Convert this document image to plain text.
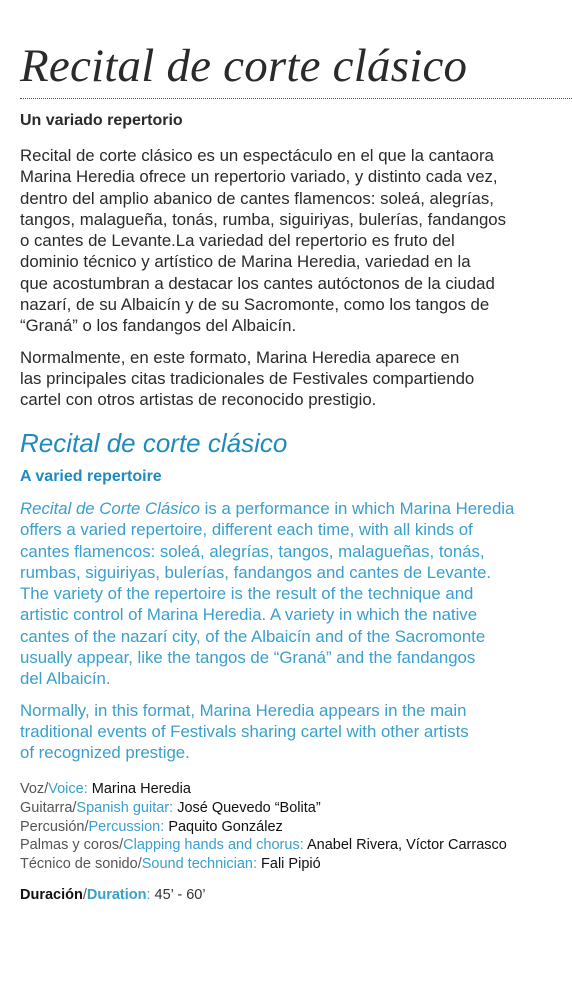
Recital de corte clásico
Un variado repertorio

Recital de corte clásico es un espectáculo en el que la cantaora
Marina Heredia ofrece un repertorio variado, y distinto cada vez,
dentro del amplio abanico de cantes flamencos: soleá, alegrías,
tangos, malagueña, tonás, rumba, siguiriyas, bulerías, fandangos
o cantes de Levante.La variedad del repertorio es fruto del
dominio técnico y artístico de Marina Heredia, variedad en la
que acostumbran a destacar los cantes autóctonos de la ciudad
nazarí, de su Albaicín y de su Sacromonte, como los tangos de
“Graná” o los fandangos del Albaicín.

Normalmente, en este formato, Marina Heredia aparece en
las principales citas tradicionales de Festivales compartiendo
cartel con otros artistas de reconocido prestigio.

Recital de corte clásico
A varied repertoire

Recital de Corte Clásico is a performance in which Marina Heredia
offers a varied repertoire, different each time, with all kinds of
cantes flamencos: soleá, alegrías, tangos, malagueñas, tonás,
rumbas, siguiriyas, bulerías, fandangos and cantes de Levante.
The variety of the repertoire is the result of the technique and
artistic control of Marina Heredia. A variety in which the native
cantes of the nazarí city, of the Albaicín and of the Sacromonte
usually appear, like the tangos de “Graná” and the fandangos
del Albaicín.

Normally, in this format, Marina Heredia appears in the main
traditional events of Festivals sharing cartel with other artists
of recognized prestige.

Voz/Voice: Marina Heredia
Guitarra/Spanish guitar: José Quevedo “Bolita”
Percusión/Percussion: Paquito González
Palmas y coros/Clapping hands and chorus: Anabel Rivera, Víctor Carrasco
Técnico de sonido/Sound technician: Fali Pipió
Duración/Duration: 45’ - 60’
